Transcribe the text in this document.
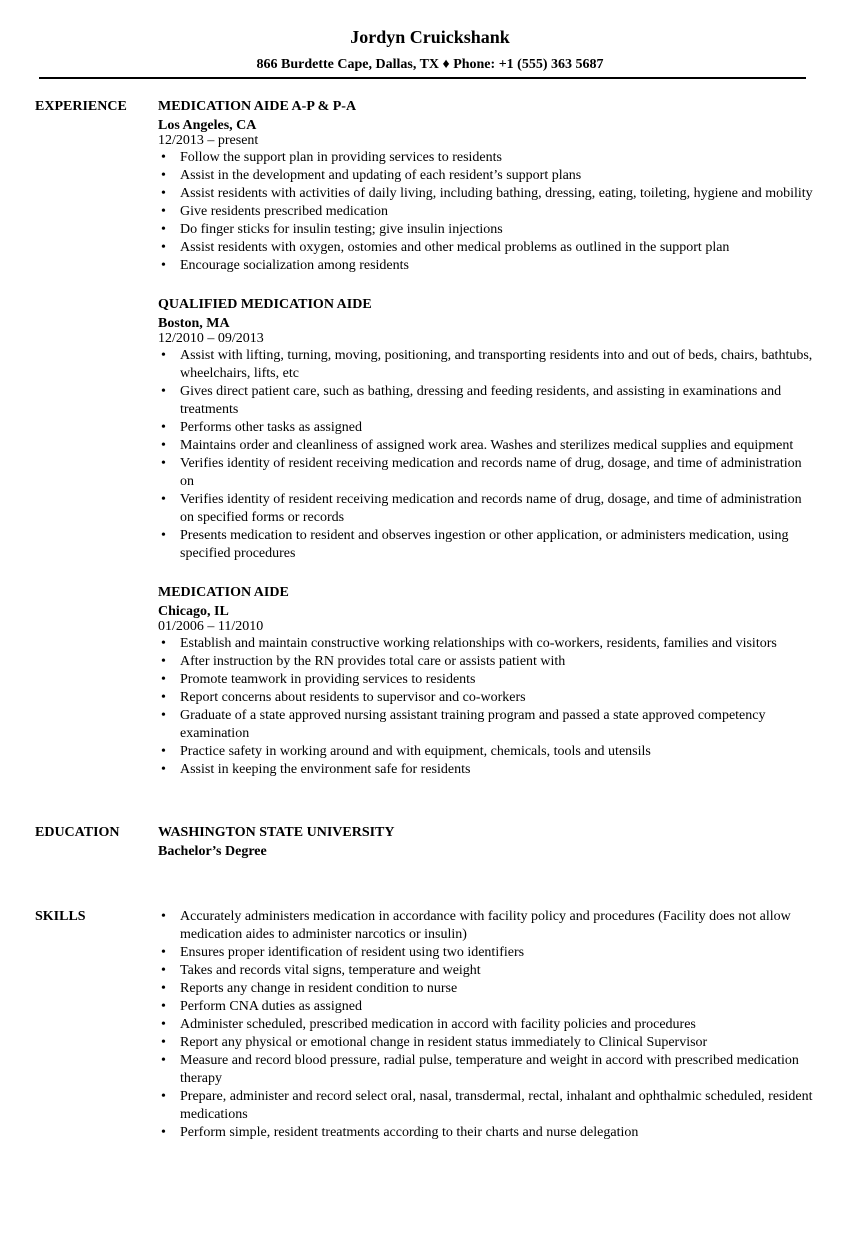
Jordyn Cruickshank
866 Burdette Cape, Dallas, TX ♦ Phone: +1 (555) 363 5687
EXPERIENCE MEDICATION AIDE A-P & P-A
Los Angeles, CA
12/2013 – present
• Follow the support plan in providing services to residents
• Assist in the development and updating of each resident’s support plans
• Assist residents with activities of daily living, including bathing, dressing, eating, toileting, hygiene and mobility
• Give residents prescribed medication
• Do finger sticks for insulin testing; give insulin injections
• Assist residents with oxygen, ostomies and other medical problems as outlined in the support plan
• Encourage socialization among residents
QUALIFIED MEDICATION AIDE
Boston, MA
12/2010 – 09/2013
• Assist with lifting, turning, moving, positioning, and transporting residents into and out of beds, chairs, bathtubs, wheelchairs, lifts, etc
• Gives direct patient care, such as bathing, dressing and feeding residents, and assisting in examinations and treatments
• Performs other tasks as assigned
• Maintains order and cleanliness of assigned work area. Washes and sterilizes medical supplies and equipment
• Verifies identity of resident receiving medication and records name of drug, dosage, and time of administration on
• Verifies identity of resident receiving medication and records name of drug, dosage, and time of administration on specified forms or records
• Presents medication to resident and observes ingestion or other application, or administers medication, using specified procedures
MEDICATION AIDE
Chicago, IL
01/2006 – 11/2010
• Establish and maintain constructive working relationships with co-workers, residents, families and visitors
• After instruction by the RN provides total care or assists patient with
• Promote teamwork in providing services to residents
• Report concerns about residents to supervisor and co-workers
• Graduate of a state approved nursing assistant training program and passed a state approved competency examination
• Practice safety in working around and with equipment, chemicals, tools and utensils
• Assist in keeping the environment safe for residents
EDUCATION	WASHINGTON STATE UNIVERSITY
Bachelor’s Degree
SKILLS
•	Accurately administers medication in accordance with facility policy and procedures (Facility does not allow medication aides to administer narcotics or insulin)
• Ensures proper identification of resident using two identifiers
• Takes and records vital signs, temperature and weight
• Reports any change in resident condition to nurse
• Perform CNA duties as assigned
• Administer scheduled, prescribed medication in accord with facility policies and procedures
• Report any physical or emotional change in resident status immediately to Clinical Supervisor
• Measure and record blood pressure, radial pulse, temperature and weight in accord with prescribed medication therapy
• Prepare, administer and record select oral, nasal, transdermal, rectal, inhalant and ophthalmic scheduled, resident medications
• Perform simple, resident treatments according to their charts and nurse delegation
